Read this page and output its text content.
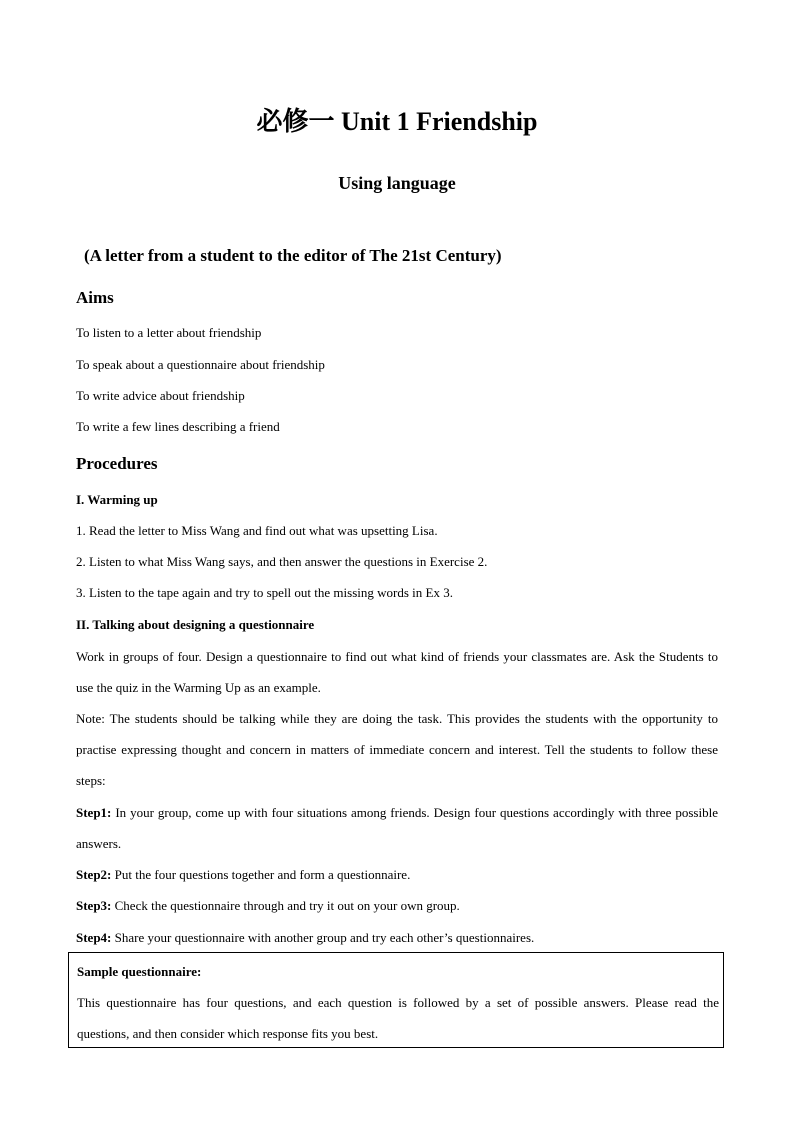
必修一 Unit 1 Friendship
Using language
(A letter from a student to the editor of The 21st Century)
Aims
To listen to a letter about friendship
To speak about a questionnaire about friendship
To write advice about friendship
To write a few lines describing a friend
Procedures
I. Warming up
1. Read the letter to Miss Wang and find out what was upsetting Lisa.
2. Listen to what Miss Wang says, and then answer the questions in Exercise 2.
3. Listen to the tape again and try to spell out the missing words in Ex 3.
II. Talking about designing a questionnaire
Work in groups of four. Design a questionnaire to find out what kind of friends your classmates are. Ask the Students to use the quiz in the Warming Up as an example.
Note: The students should be talking while they are doing the task. This provides the students with the opportunity to practise expressing thought and concern in matters of immediate concern and interest. Tell the students to follow these steps:
Step1: In your group, come up with four situations among friends. Design four questions accordingly with three possible answers.
Step2: Put the four questions together and form a questionnaire.
Step3: Check the questionnaire through and try it out on your own group.
Step4: Share your questionnaire with another group and try each other’s questionnaires.
Sample questionnaire:
This questionnaire has four questions, and each question is followed by a set of possible answers. Please read the questions, and then consider which response fits you best.
